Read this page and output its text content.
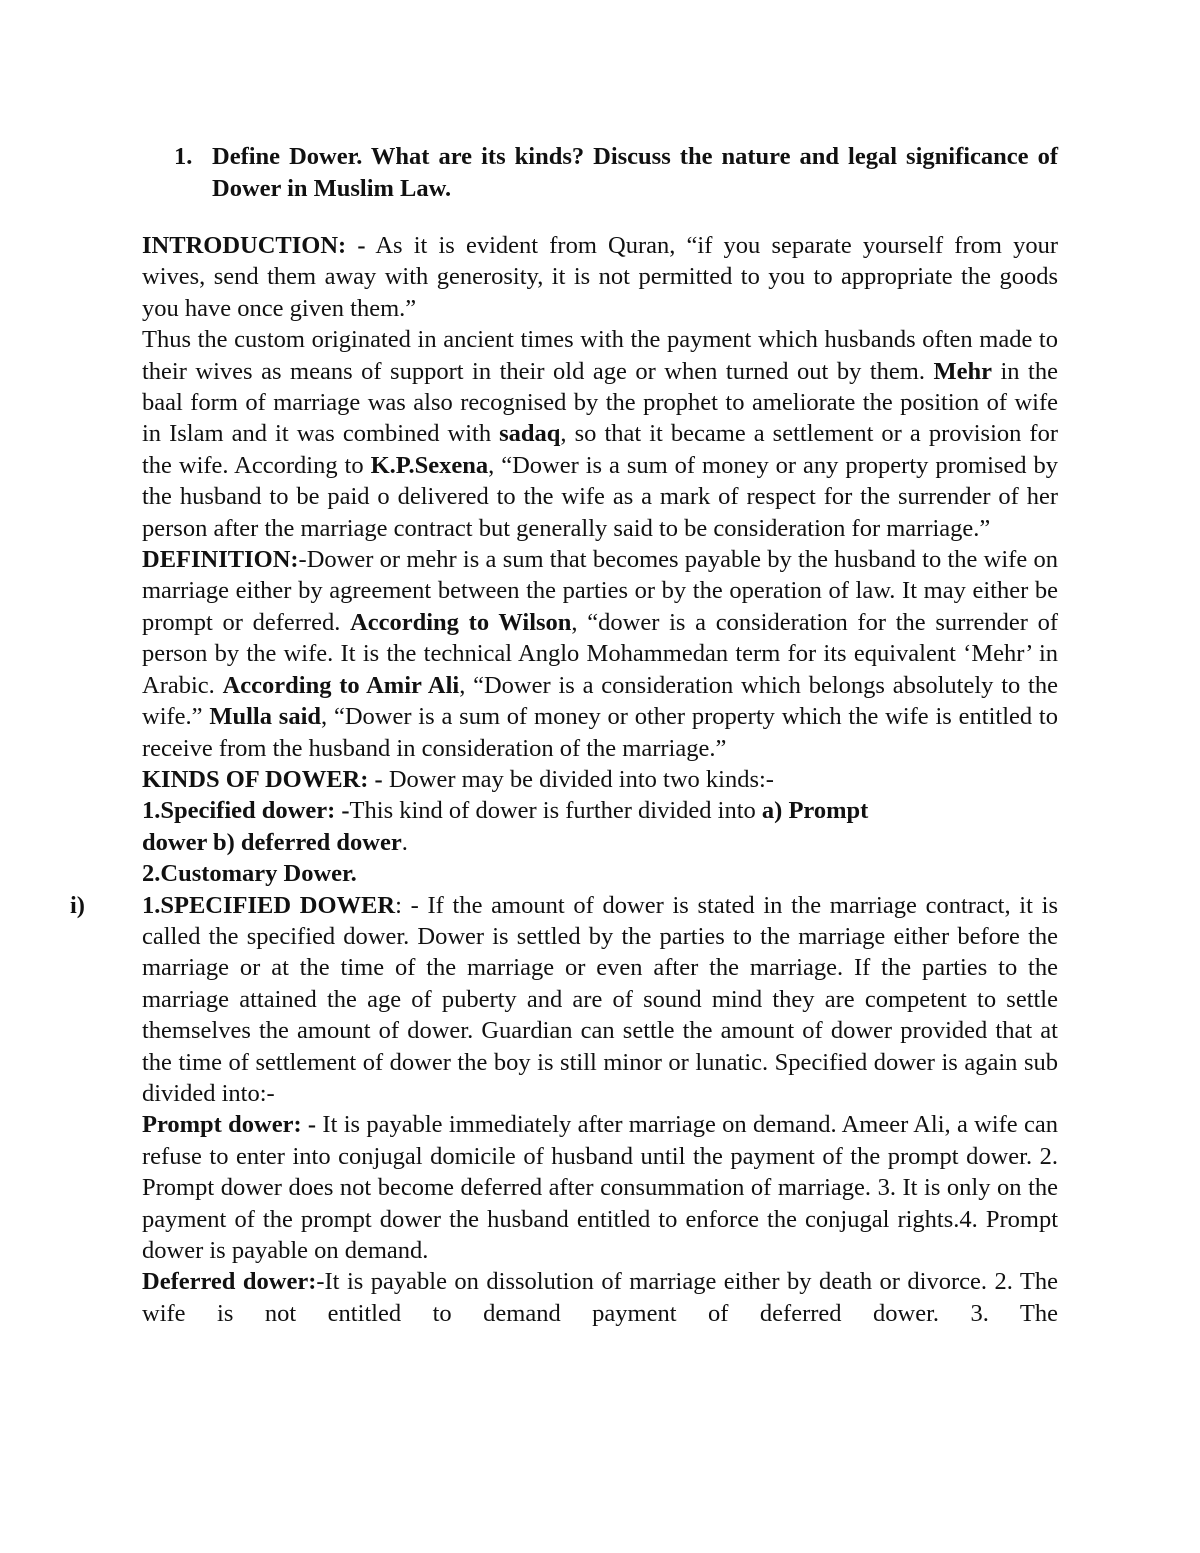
1. Define Dower. What are its kinds? Discuss the nature and legal significance of Dower in Muslim Law.

INTRODUCTION: - As it is evident from Quran, “if you separate yourself from your wives, send them away with generosity, it is not permitted to you to appropriate the goods you have once given them.”

Thus the custom originated in ancient times with the payment which husbands often made to their wives as means of support in their old age or when turned out by them. Mehr in the baal form of marriage was also recognised by the prophet to ameliorate the position of wife in Islam and it was combined with sadaq, so that it became a settlement or a provision for the wife. According to K.P.Sexena, “Dower is a sum of money or any property promised by the husband to be paid o delivered to the wife as a mark of respect for the surrender of her person after the marriage contract but generally said to be consideration for marriage.”

DEFINITION:-Dower or mehr is a sum that becomes payable by the husband to the wife on marriage either by agreement between the parties or by the operation of law. It may either be prompt or deferred. According to Wilson, “dower is a consideration for the surrender of person by the wife. It is the technical Anglo Mohammedan term for its equivalent ‘Mehr’ in Arabic. According to Amir Ali, “Dower is a consideration which belongs absolutely to the wife.” Mulla said, “Dower is a sum of money or other property which the wife is entitled to receive from the husband in consideration of the marriage.”

KINDS OF DOWER: - Dower may be divided into two kinds:-

1.Specified dower: -This kind of dower is further divided into a) Prompt
dower b) deferred dower.

2.Customary Dower.

i) 1.SPECIFIED DOWER: - If the amount of dower is stated in the marriage contract, it is called the specified dower. Dower is settled by the parties to the marriage either before the marriage or at the time of the marriage or even after the marriage. If the parties to the marriage attained the age of puberty and are of sound mind they are competent to settle themselves the amount of dower. Guardian can settle the amount of dower provided that at the time of settlement of dower the boy is still minor or lunatic. Specified dower is again sub divided into:-

Prompt dower: - It is payable immediately after marriage on demand. Ameer Ali, a wife can refuse to enter into conjugal domicile of husband until the payment of the prompt dower. 2. Prompt dower does not become deferred after consummation of marriage. 3. It is only on the payment of the prompt dower the husband entitled to enforce the conjugal rights.4. Prompt dower is payable on demand.

Deferred dower:-It is payable on dissolution of marriage either by death or divorce. 2. The wife is not entitled to demand payment of deferred dower. 3. The
